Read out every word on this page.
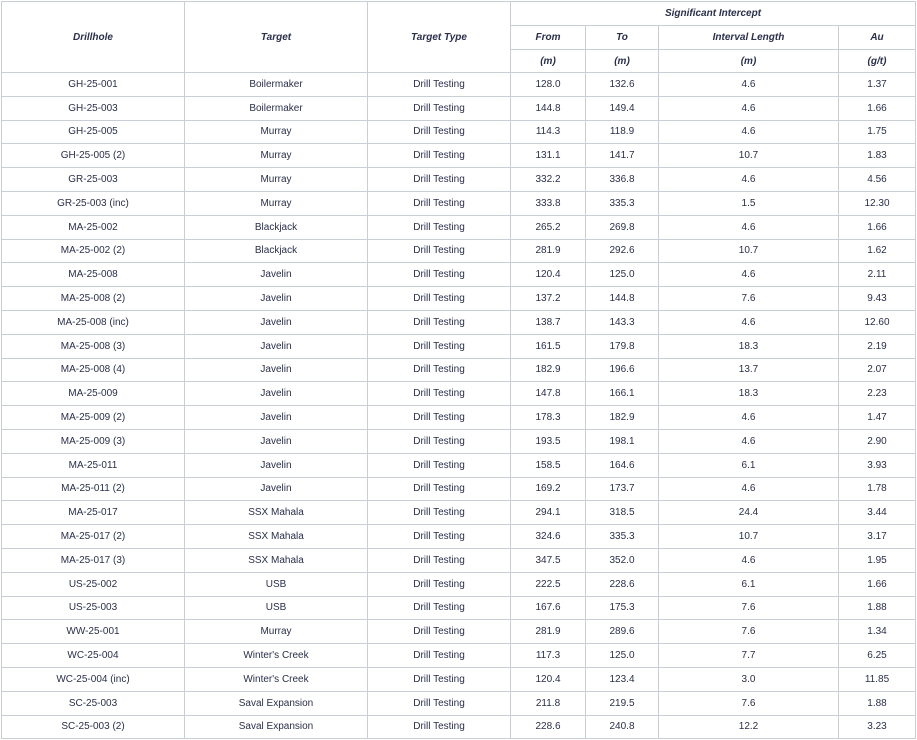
Drillhole	Target	Target Type	Significant Intercept			
			From	To	Interval Length	Au
			(m)	(m)	(m)	(g/t)
GH-25-001	Boilermaker	Drill Testing	128.0	132.6	4.6	1.37
GH-25-003	Boilermaker	Drill Testing	144.8	149.4	4.6	1.66
GH-25-005	Murray	Drill Testing	114.3	118.9	4.6	1.75
GH-25-005 (2)	Murray	Drill Testing	131.1	141.7	10.7	1.83
GR-25-003	Murray	Drill Testing	332.2	336.8	4.6	4.56
GR-25-003 (inc)	Murray	Drill Testing	333.8	335.3	1.5	12.30
MA-25-002	Blackjack	Drill Testing	265.2	269.8	4.6	1.66
MA-25-002 (2)	Blackjack	Drill Testing	281.9	292.6	10.7	1.62
MA-25-008	Javelin	Drill Testing	120.4	125.0	4.6	2.11
MA-25-008 (2)	Javelin	Drill Testing	137.2	144.8	7.6	9.43
MA-25-008 (inc)	Javelin	Drill Testing	138.7	143.3	4.6	12.60
MA-25-008 (3)	Javelin	Drill Testing	161.5	179.8	18.3	2.19
MA-25-008 (4)	Javelin	Drill Testing	182.9	196.6	13.7	2.07
MA-25-009	Javelin	Drill Testing	147.8	166.1	18.3	2.23
MA-25-009 (2)	Javelin	Drill Testing	178.3	182.9	4.6	1.47
MA-25-009 (3)	Javelin	Drill Testing	193.5	198.1	4.6	2.90
MA-25-011	Javelin	Drill Testing	158.5	164.6	6.1	3.93
MA-25-011 (2)	Javelin	Drill Testing	169.2	173.7	4.6	1.78
MA-25-017	SSX Mahala	Drill Testing	294.1	318.5	24.4	3.44
MA-25-017 (2)	SSX Mahala	Drill Testing	324.6	335.3	10.7	3.17
MA-25-017 (3)	SSX Mahala	Drill Testing	347.5	352.0	4.6	1.95
US-25-002	USB	Drill Testing	222.5	228.6	6.1	1.66
US-25-003	USB	Drill Testing	167.6	175.3	7.6	1.88
WW-25-001	Murray	Drill Testing	281.9	289.6	7.6	1.34
WC-25-004	Winter's Creek	Drill Testing	117.3	125.0	7.7	6.25
WC-25-004 (inc)	Winter's Creek	Drill Testing	120.4	123.4	3.0	11.85
SC-25-003	Saval Expansion	Drill Testing	211.8	219.5	7.6	1.88
SC-25-003 (2)	Saval Expansion	Drill Testing	228.6	240.8	12.2	3.23
